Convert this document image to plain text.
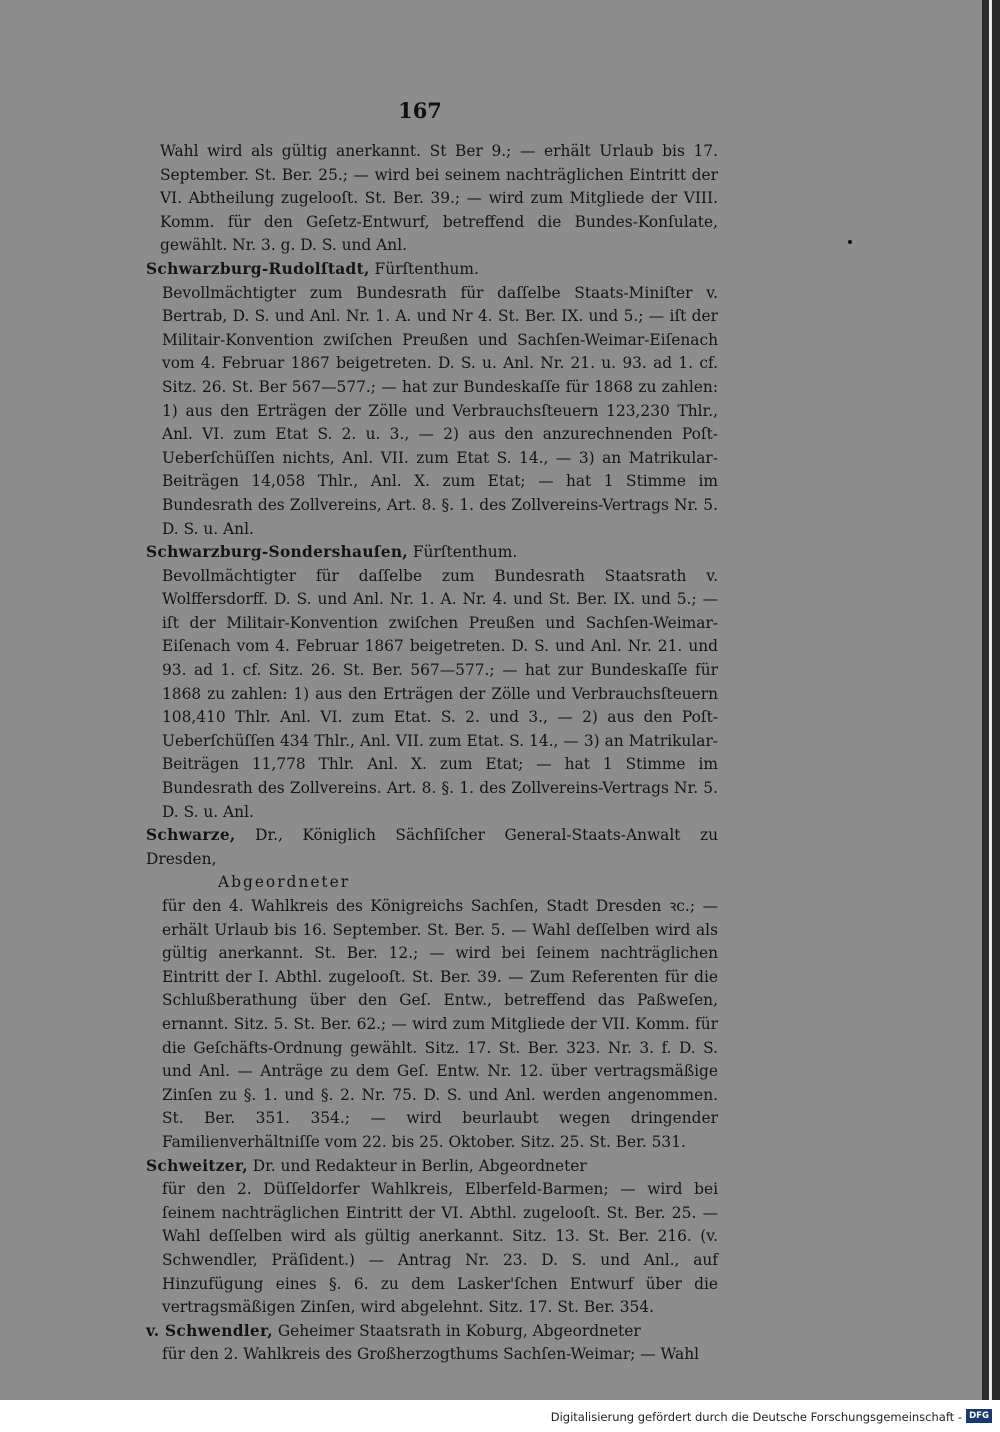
167

Wahl wird als gültig anerkannt. St Ber 9.; — erhält Urlaub bis 17. September. St. Ber. 25.; — wird bei seinem nachträglichen Eintritt der VI. Abtheilung zugelooſt. St. Ber. 39.; — wird zum Mitgliede der VIII. Komm. für den Geſetz-Entwurf, betreffend die Bundes-Konſulate, gewählt. Nr. 3. g. D. S. und Anl.

Schwarzburg-Rudolſtadt, Fürſtenthum.
Bevollmächtigter zum Bundesrath für daſſelbe Staats-Miniſter v. Bertrab, D. S. und Anl. Nr. 1. A. und Nr 4. St. Ber. IX. und 5.; — iſt der Militair-Konvention zwiſchen Preußen und Sachſen-Weimar-Eiſenach vom 4. Februar 1867 beigetreten. D. S. u. Anl. Nr. 21. u. 93. ad 1. cf. Sitz. 26. St. Ber 567—577.; — hat zur Bundeskaſſe für 1868 zu zahlen: 1) aus den Erträgen der Zölle und Verbrauchsſteuern 123,230 Thlr., Anl. VI. zum Etat S. 2. u. 3., — 2) aus den anzurechnenden Poſt-Ueberſchüſſen nichts, Anl. VII. zum Etat S. 14., — 3) an Matrikular-Beiträgen 14,058 Thlr., Anl. X. zum Etat; — hat 1 Stimme im Bundesrath des Zollvereins, Art. 8. §. 1. des Zollvereins-Vertrags Nr. 5. D. S. u. Anl.
Schwarzburg-Sondershauſen, Fürſtenthum.
Bevollmächtigter für daſſelbe zum Bundesrath Staatsrath v. Wolffersdorff. D. S. und Anl. Nr. 1. A. Nr. 4. und St. Ber. IX. und 5.; — iſt der Militair-Konvention zwiſchen Preußen und Sachſen-Weimar-Eiſenach vom 4. Februar 1867 beigetreten. D. S. und Anl. Nr. 21. und 93. ad 1. cf. Sitz. 26. St. Ber. 567—577.; — hat zur Bundeskaſſe für 1868 zu zahlen: 1) aus den Erträgen der Zölle und Verbrauchsſteuern 108,410 Thlr. Anl. VI. zum Etat. S. 2. und 3., — 2) aus den Poſt-Ueberſchüſſen 434 Thlr., Anl. VII. zum Etat. S. 14., — 3) an Matrikular-Beiträgen 11,778 Thlr. Anl. X. zum Etat; — hat 1 Stimme im Bundesrath des Zollvereins. Art. 8. §. 1. des Zollvereins-Vertrags Nr. 5. D. S. u. Anl.
Schwarze, Dr., Königlich Sächſiſcher General-Staats-Anwalt zu Dresden,
Abgeordneter
für den 4. Wahlkreis des Königreichs Sachſen, Stadt Dresden ꝛc.; — erhält Urlaub bis 16. September. St. Ber. 5. — Wahl deſſelben wird als gültig anerkannt. St. Ber. 12.; — wird bei ſeinem nachträglichen Eintritt der I. Abthl. zugelooſt. St. Ber. 39. — Zum Referenten für die Schlußberathung über den Geſ. Entw., betreffend das Paßweſen, ernannt. Sitz. 5. St. Ber. 62.; — wird zum Mitgliede der VII. Komm. für die Geſchäfts-Ordnung gewählt. Sitz. 17. St. Ber. 323. Nr. 3. f. D. S. und Anl. — Anträge zu dem Geſ. Entw. Nr. 12. über vertragsmäßige Zinſen zu §. 1. und §. 2. Nr. 75. D. S. und Anl. werden angenommen. St. Ber. 351. 354.; — wird beurlaubt wegen dringender Familienverhältniſſe vom 22. bis 25. Oktober. Sitz. 25. St. Ber. 531.
Schweitzer, Dr. und Redakteur in Berlin, Abgeordneter
für den 2. Düſſeldorfer Wahlkreis, Elberfeld-Barmen; — wird bei ſeinem nachträglichen Eintritt der VI. Abthl. zugelooſt. St. Ber. 25. — Wahl deſſelben wird als gültig anerkannt. Sitz. 13. St. Ber. 216. (v. Schwendler, Präſident.) — Antrag Nr. 23. D. S. und Anl., auf Hinzufügung eines §. 6. zu dem Lasker'ſchen Entwurf über die vertragsmäßigen Zinſen, wird abgelehnt. Sitz. 17. St. Ber. 354.
v. Schwendler, Geheimer Staatsrath in Koburg, Abgeordneter
für den 2. Wahlkreis des Großherzogthums Sachſen-Weimar; — Wahl
Digitalisierung gefördert durch die Deutsche Forschungsgemeinschaft - DFG
